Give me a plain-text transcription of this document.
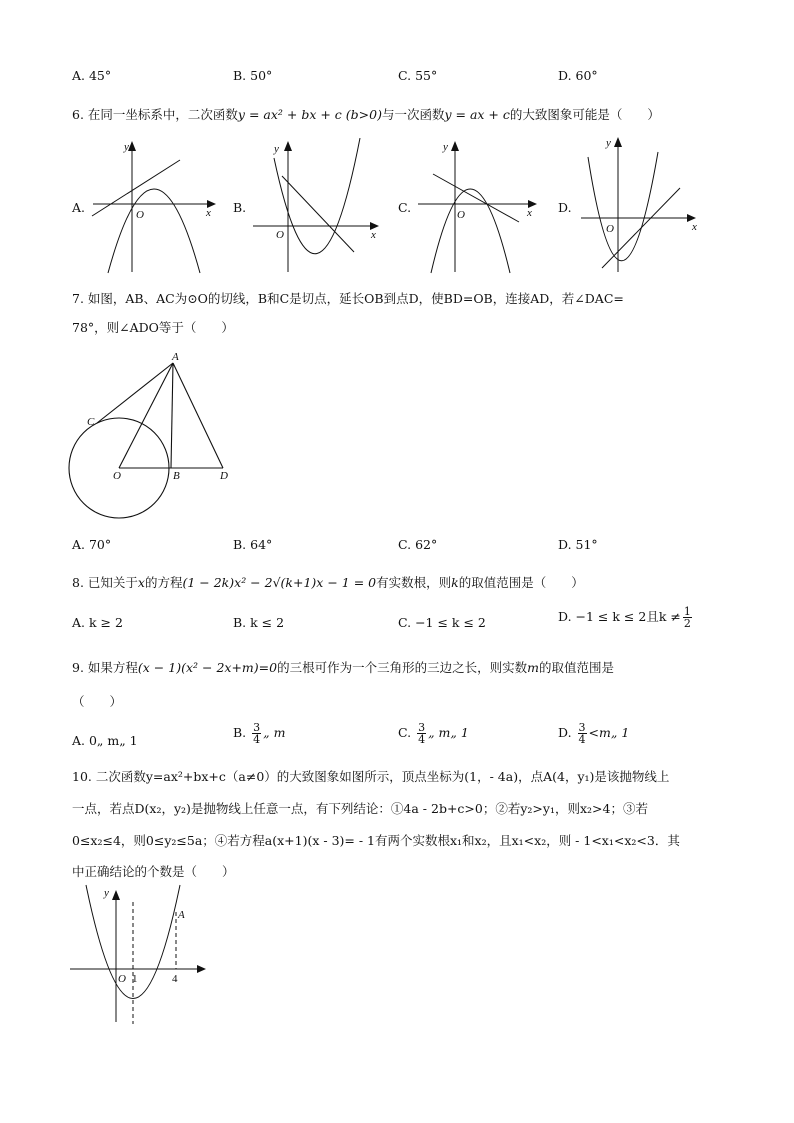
A. 45°	B. 50°	C. 55°	D. 60°
6. 在同一坐标系中，二次函数y = ax² + bx + c (b>0)与一次函数y = ax + c的大致图象可能是（　　）
A.	B.	C.	D.
y
x
O
y
x
O
y
x
O
y
x
O
7. 如图，AB、AC为⊙O的切线，B和C是切点，延长OB到点D，使BD=OB，连接AD，若∠DAC=
78°，则∠ADO等于（　　）
A
C
O	B	D
A. 70°	B. 64°	C. 62°	D. 51°
8. 已知关于x的方程(1 − 2k)x² − 2√(k+1)x − 1 = 0有实数根，则k的取值范围是（　　）
A. k ≥ 2	B. k ≤ 2	C. −1 ≤ k ≤ 2	D. −1 ≤ k ≤ 2且$k \ne \frac{1}{2}$
9. 如果方程(x − 1)(x² − 2x+m)=0的三根可作为一个三角形的三边之长，则实数m的取值范围是
（　　）
A. 0„ m„ 1
B. $\frac{3}{4}$ „ m	C. $\frac{3}{4}$ „ m„ 1	D. $\frac{3}{4}$ <m„ 1
10. 二次函数y=ax²+bx+c（a≠0）的大致图象如图所示，顶点坐标为(1，- 4a)，点A(4，y₁)是该抛物线上
一点，若点D(x₂，y₂)是抛物线上任意一点，有下列结论：①4a - 2b+c>0；②若y₂>y₁，则x₂>4；③若
0≤x₂≤4，则0≤y₂≤5a；④若方程a(x+1)(x - 3)= - 1有两个实数根x₁和x₂，且x₁<x₂，则 - 1<x₁<x₂<3．其
中正确结论的个数是（　　）
y
O 1	4
A
